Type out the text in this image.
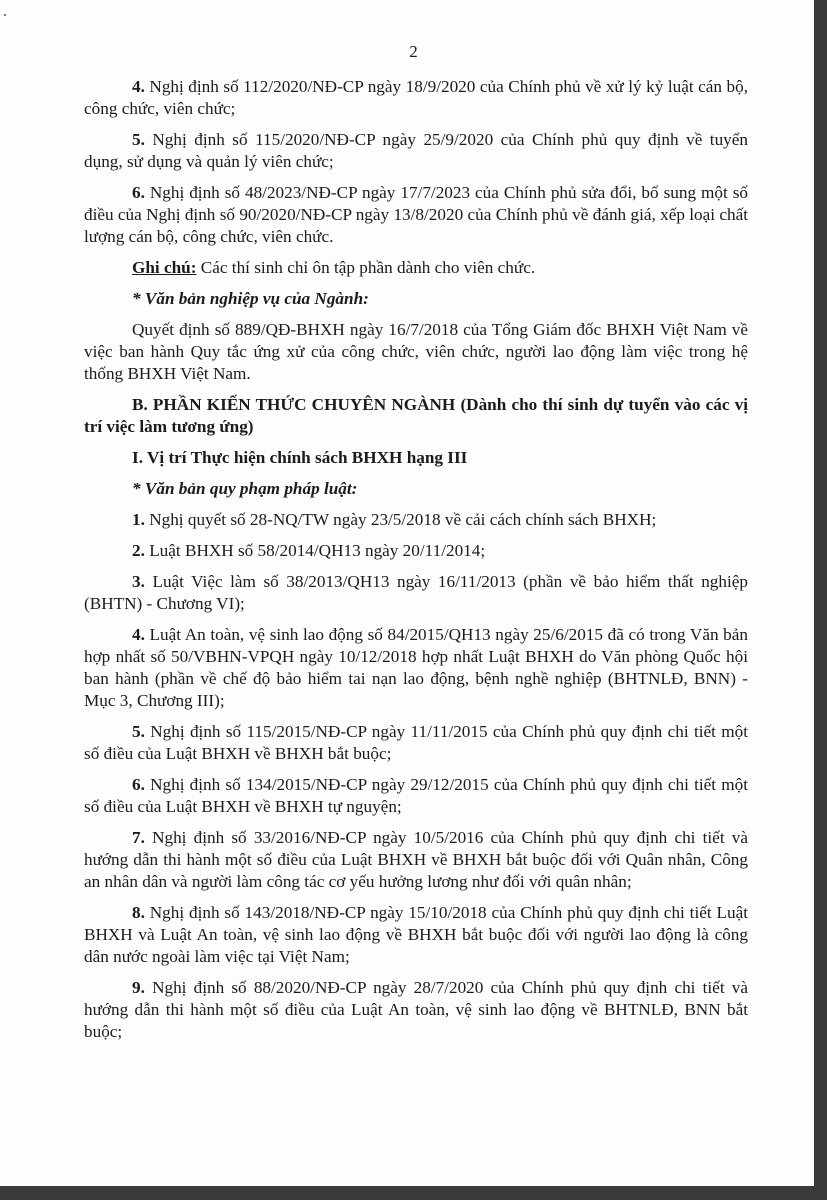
2

4. Nghị định số 112/2020/NĐ-CP ngày 18/9/2020 của Chính phủ về xử lý kỷ luật cán bộ, công chức, viên chức;

5. Nghị định số 115/2020/NĐ-CP ngày 25/9/2020 của Chính phủ quy định về tuyển dụng, sử dụng và quản lý viên chức;

6. Nghị định số 48/2023/NĐ-CP ngày 17/7/2023 của Chính phủ sửa đổi, bổ sung một số điều của Nghị định số 90/2020/NĐ-CP ngày 13/8/2020 của Chính phủ về đánh giá, xếp loại chất lượng cán bộ, công chức, viên chức.

Ghi chú: Các thí sinh chỉ ôn tập phần dành cho viên chức.

* Văn bản nghiệp vụ của Ngành:

Quyết định số 889/QĐ-BHXH ngày 16/7/2018 của Tổng Giám đốc BHXH Việt Nam về việc ban hành Quy tắc ứng xử của công chức, viên chức, người lao động làm việc trong hệ thống BHXH Việt Nam.

B. PHẦN KIẾN THỨC CHUYÊN NGÀNH (Dành cho thí sinh dự tuyển vào các vị trí việc làm tương ứng)

I. Vị trí Thực hiện chính sách BHXH hạng III

* Văn bản quy phạm pháp luật:

1. Nghị quyết số 28-NQ/TW ngày 23/5/2018 về cải cách chính sách BHXH;

2. Luật BHXH số 58/2014/QH13 ngày 20/11/2014;

3. Luật Việc làm số 38/2013/QH13 ngày 16/11/2013 (phần về bảo hiểm thất nghiệp (BHTN) - Chương VI);

4. Luật An toàn, vệ sinh lao động số 84/2015/QH13 ngày 25/6/2015 đã có trong Văn bản hợp nhất số 50/VBHN-VPQH ngày 10/12/2018 hợp nhất Luật BHXH do Văn phòng Quốc hội ban hành (phần về chế độ bảo hiểm tai nạn lao động, bệnh nghề nghiệp (BHTNLĐ, BNN) - Mục 3, Chương III);

5. Nghị định số 115/2015/NĐ-CP ngày 11/11/2015 của Chính phủ quy định chi tiết một số điều của Luật BHXH về BHXH bắt buộc;

6. Nghị định số 134/2015/NĐ-CP ngày 29/12/2015 của Chính phủ quy định chi tiết một số điều của Luật BHXH về BHXH tự nguyện;

7. Nghị định số 33/2016/NĐ-CP ngày 10/5/2016 của Chính phủ quy định chi tiết và hướng dẫn thi hành một số điều của Luật BHXH về BHXH bắt buộc đối với Quân nhân, Công an nhân dân và người làm công tác cơ yếu hưởng lương như đối với quân nhân;

8. Nghị định số 143/2018/NĐ-CP ngày 15/10/2018 của Chính phủ quy định chi tiết Luật BHXH và Luật An toàn, vệ sinh lao động về BHXH bắt buộc đối với người lao động là công dân nước ngoài làm việc tại Việt Nam;

9. Nghị định số 88/2020/NĐ-CP ngày 28/7/2020 của Chính phủ quy định chi tiết và hướng dẫn thi hành một số điều của Luật An toàn, vệ sinh lao động về BHTNLĐ, BNN bắt buộc;
